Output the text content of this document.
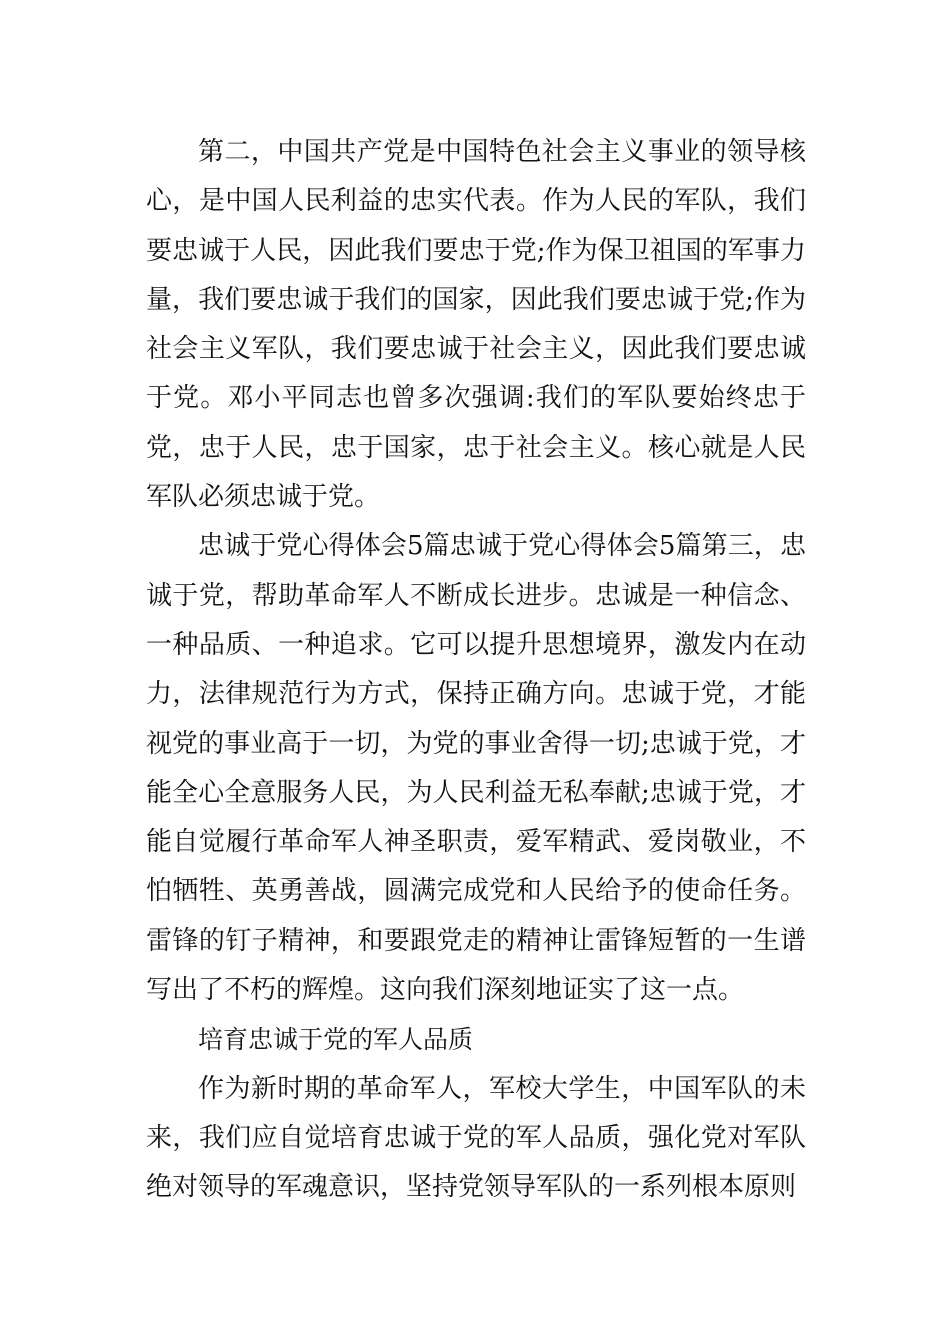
第二，中国共产党是中国特色社会主义事业的领导核心，是中国人民利益的忠实代表。作为人民的军队，我们要忠诚于人民，因此我们要忠于党;作为保卫祖国的军事力量，我们要忠诚于我们的国家，因此我们要忠诚于党;作为社会主义军队，我们要忠诚于社会主义，因此我们要忠诚于党。邓小平同志也曾多次强调:我们的军队要始终忠于党，忠于人民，忠于国家，忠于社会主义。核心就是人民军队必须忠诚于党。

忠诚于党心得体会5篇忠诚于党心得体会5篇第三，忠诚于党，帮助革命军人不断成长进步。忠诚是一种信念、一种品质、一种追求。它可以提升思想境界，激发内在动力，法律规范行为方式，保持正确方向。忠诚于党，才能视党的事业高于一切，为党的事业舍得一切;忠诚于党，才能全心全意服务人民，为人民利益无私奉献;忠诚于党，才能自觉履行革命军人神圣职责，爱军精武、爱岗敬业，不怕牺牲、英勇善战，圆满完成党和人民给予的使命任务。雷锋的钉子精神，和要跟党走的精神让雷锋短暂的一生谱写出了不朽的辉煌。这向我们深刻地证实了这一点。

培育忠诚于党的军人品质

作为新时期的革命军人，军校大学生，中国军队的未来，我们应自觉培育忠诚于党的军人品质，强化党对军队绝对领导的军魂意识，坚持党领导军队的一系列根本原则
